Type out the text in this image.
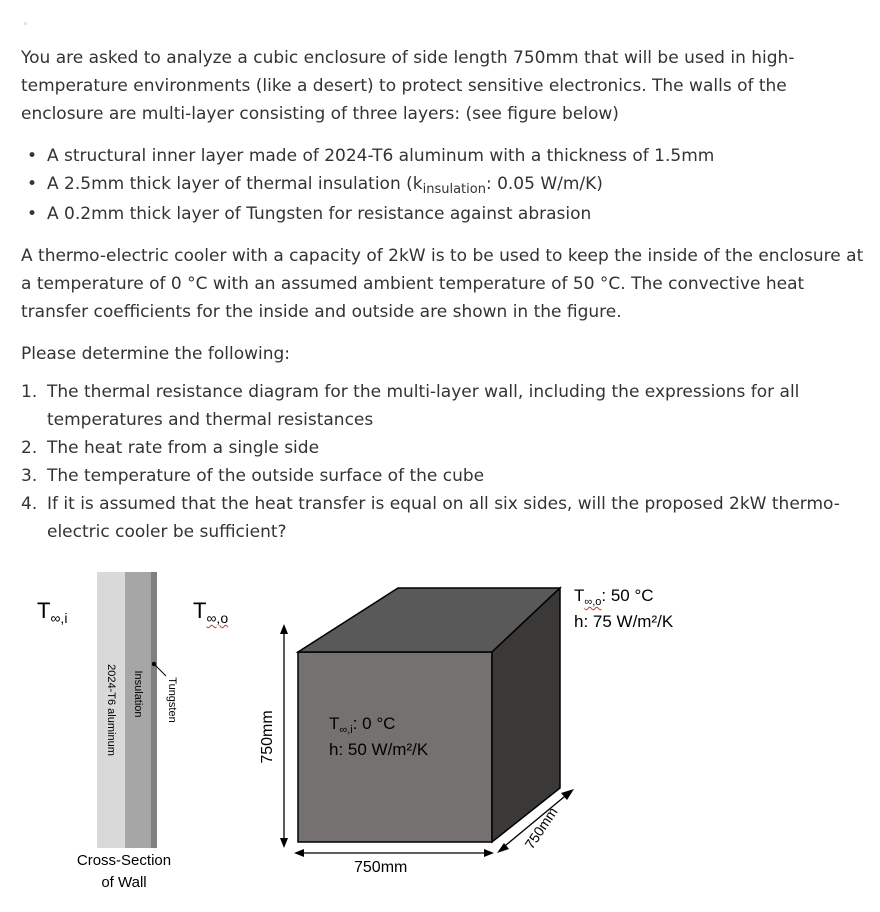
You are asked to analyze a cubic enclosure of side length 750mm that will be used in high-temperature environments (like a desert) to protect sensitive electronics. The walls of the enclosure are multi-layer consisting of three layers: (see figure below)

• A structural inner layer made of 2024-T6 aluminum with a thickness of 1.5mm
• A 2.5mm thick layer of thermal insulation ($k_{insulation}$: 0.05 W/m/K)
• A 0.2mm thick layer of Tungsten for resistance against abrasion

A thermo-electric cooler with a capacity of 2kW is to be used to keep the inside of the enclosure at a temperature of 0 °C with an assumed ambient temperature of 50 °C. The convective heat transfer coefficients for the inside and outside are shown in the figure.

Please determine the following:

1. The thermal resistance diagram for the multi-layer wall, including the expressions for all temperatures and thermal resistances
2. The heat rate from a single side
3. The temperature of the outside surface of the cube
4. If it is assumed that the heat transfer is equal on all six sides, will the proposed 2kW thermo-electric cooler be sufficient?
$T_{\infty,i}$	$T_{\infty,o}$
2024-T6 aluminum Insulation Tungsten
Cross-Section
of Wall
$T_{\infty,o}$: 50 °C
h: 75 W/m²/K
$T_{\infty,i}$: 0 °C
h: 50 W/m²/K
750mm
750mm
750mm
